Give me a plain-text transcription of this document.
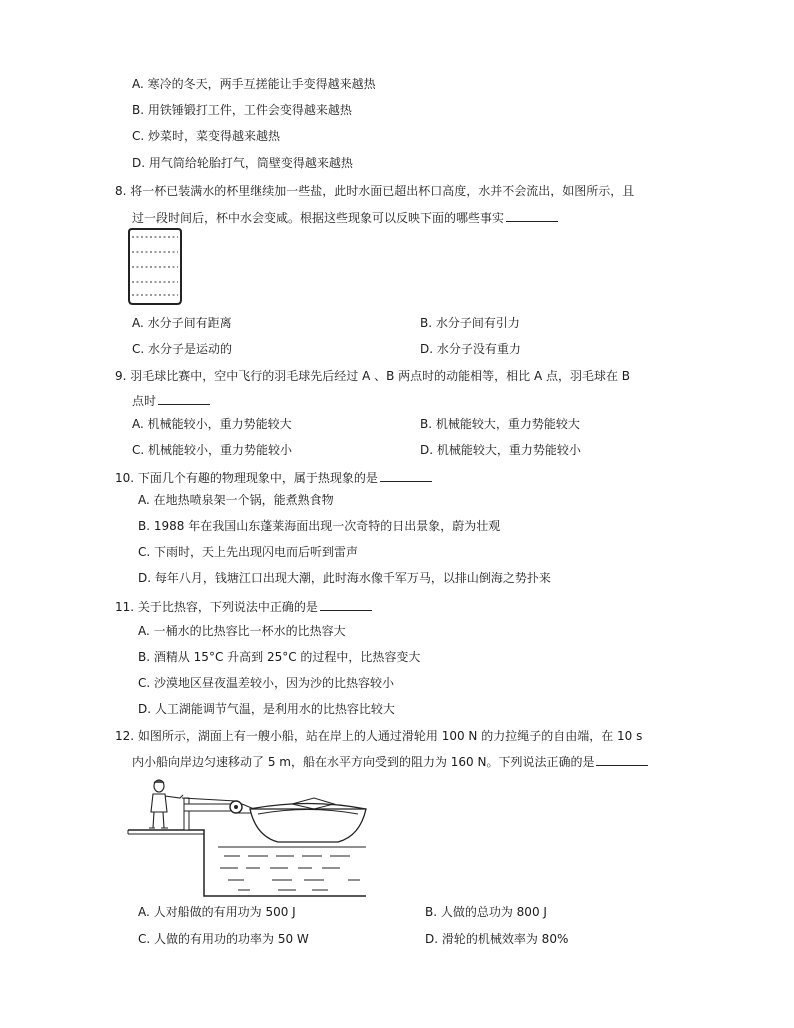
A. 寒冷的冬天，两手互搓能让手变得越来越热
B. 用铁锤锻打工件，工件会变得越来越热
C. 炒菜时，菜变得越来越热
D. 用气筒给轮胎打气，筒壁变得越来越热
8. 将一杯已装满水的杯里继续加一些盐，此时水面已超出杯口高度，水并不会流出，如图所示，且
过一段时间后，杯中水会变咸。根据这些现象可以反映下面的哪些事实
A. 水分子间有距离	B. 水分子间有引力
C. 水分子是运动的	D. 水分子没有重力
9. 羽毛球比赛中，空中飞行的羽毛球先后经过 A 、B 两点时的动能相等，相比 A 点，羽毛球在 B
点时
A. 机械能较小，重力势能较大	B. 机械能较大，重力势能较大
C. 机械能较小，重力势能较小	D. 机械能较大，重力势能较小
10. 下面几个有趣的物理现象中，属于热现象的是
A. 在地热喷泉架一个锅，能煮熟食物
B. 1988 年在我国山东蓬莱海面出现一次奇特的日出景象，蔚为壮观
C. 下雨时，天上先出现闪电而后听到雷声
D. 每年八月，钱塘江口出现大潮，此时海水像千军万马，以排山倒海之势扑来
11. 关于比热容，下列说法中正确的是
A. 一桶水的比热容比一杯水的比热容大
B. 酒精从 15°C 升高到 25°C 的过程中，比热容变大
C. 沙漠地区昼夜温差较小，因为沙的比热容较小
D. 人工湖能调节气温，是利用水的比热容比较大
12. 如图所示，湖面上有一艘小船，站在岸上的人通过滑轮用 100 N 的力拉绳子的自由端，在 10 s
内小船向岸边匀速移动了 5 m，船在水平方向受到的阻力为 160 N。下列说法正确的是
A. 人对船做的有用功为 500 J	B. 人做的总功为 800 J
C. 人做的有用功的功率为 50 W	D. 滑轮的机械效率为 80%
